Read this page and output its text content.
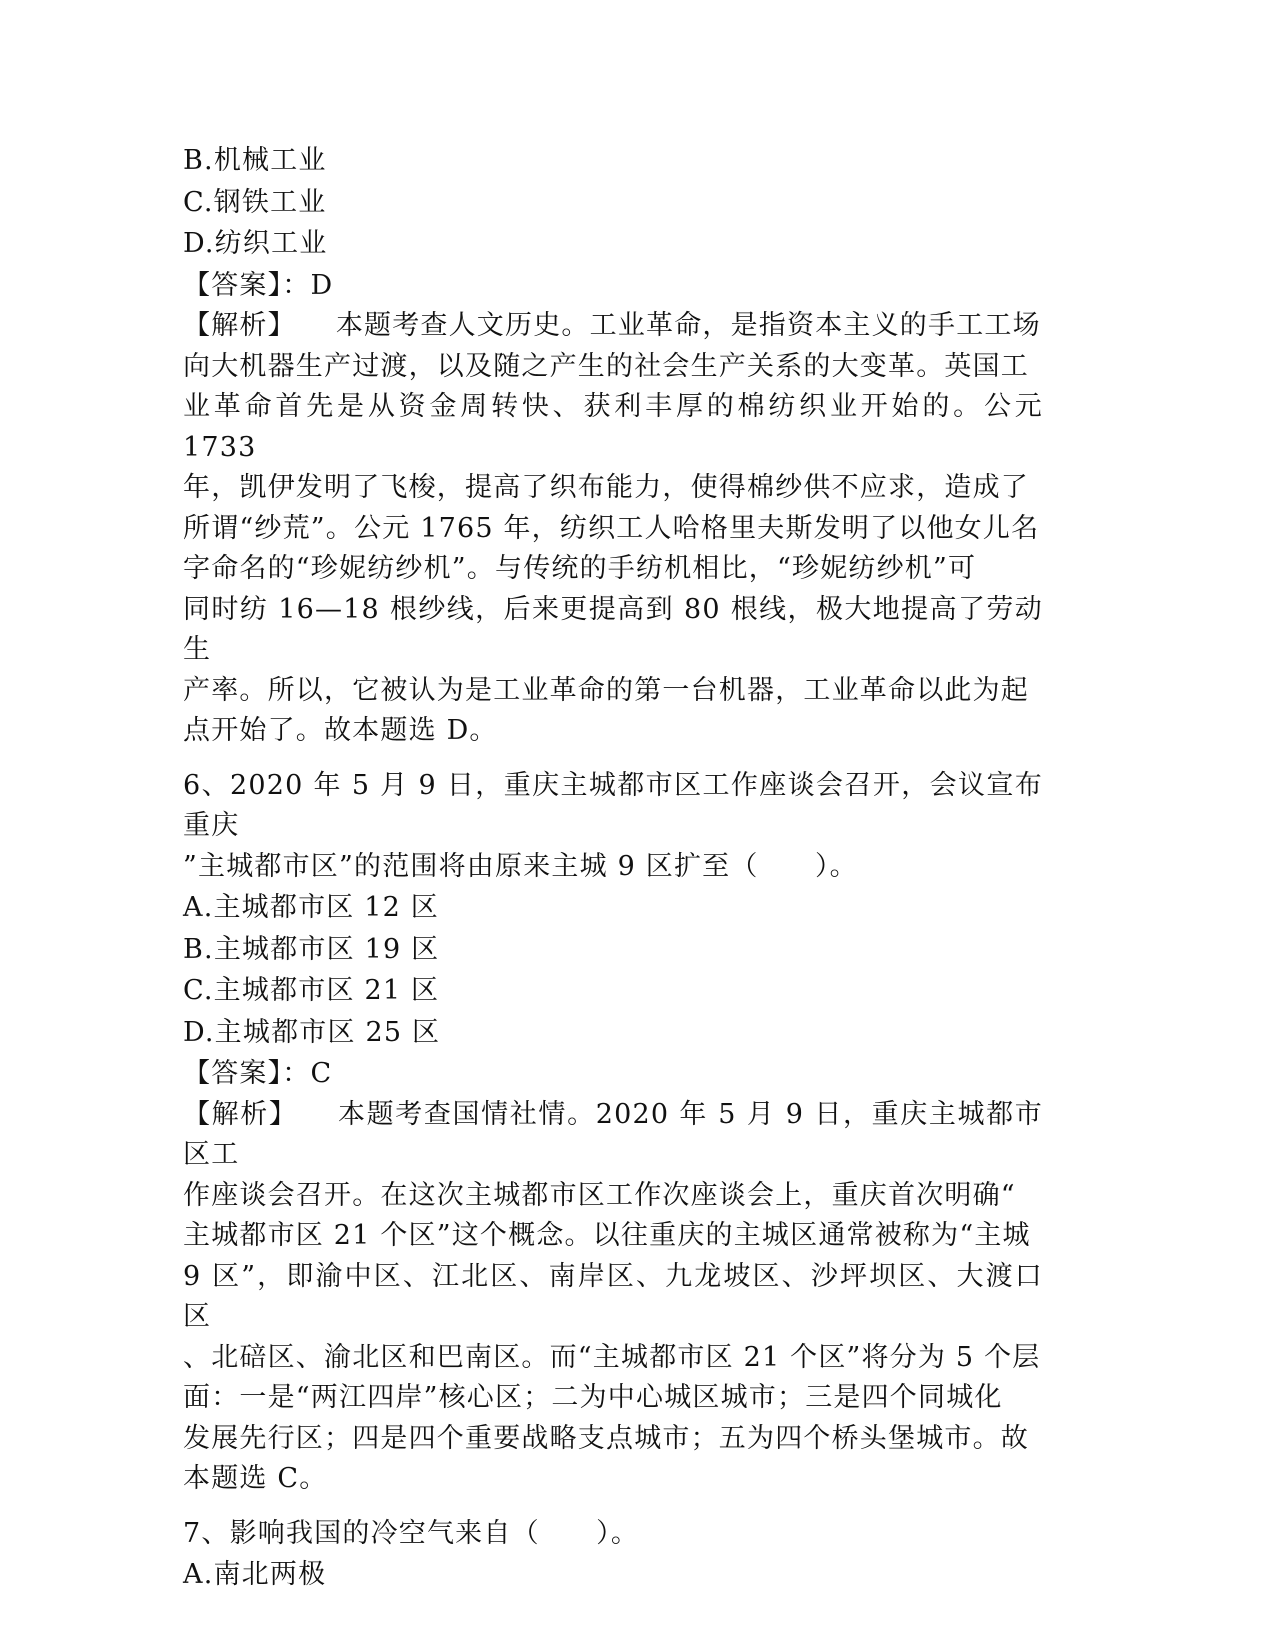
B.机械工业

C.钢铁工业

D.纺织工业

【答案】：D

【解析】 本题考查人文历史。工业革命，是指资本主义的手工工场

向大机器生产过渡，以及随之产生的社会生产关系的大变革。英国工

业革命首先是从资金周转快、获利丰厚的棉纺织业开始的。公元 1733

年，凯伊发明了飞梭，提高了织布能力，使得棉纱供不应求，造成了

所谓“纱荒”。公元 1765 年，纺织工人哈格里夫斯发明了以他女儿名

字命名的“珍妮纺纱机”。与传统的手纺机相比，“珍妮纺纱机”可

同时纺 16—18 根纱线，后来更提高到 80 根线，极大地提高了劳动生

产率。所以，它被认为是工业革命的第一台机器，工业革命以此为起

点开始了。故本题选 D。

6、2020 年 5 月 9 日，重庆主城都市区工作座谈会召开，会议宣布重庆

”主城都市区”的范围将由原来主城 9 区扩至（　　）。

A.主城都市区 12 区

B.主城都市区 19 区

C.主城都市区 21 区

D.主城都市区 25 区

【答案】：C

【解析】 本题考查国情社情。2020 年 5 月 9 日，重庆主城都市区工

作座谈会召开。在这次主城都市区工作次座谈会上，重庆首次明确“

主城都市区 21 个区”这个概念。以往重庆的主城区通常被称为“主城

9 区”，即渝中区、江北区、南岸区、九龙坡区、沙坪坝区、大渡口区

、北碚区、渝北区和巴南区。而“主城都市区 21 个区”将分为 5 个层

面：一是“两江四岸”核心区；二为中心城区城市；三是四个同城化

发展先行区；四是四个重要战略支点城市；五为四个桥头堡城市。故

本题选 C。

7、影响我国的冷空气来自（　　）。

A.南北两极
